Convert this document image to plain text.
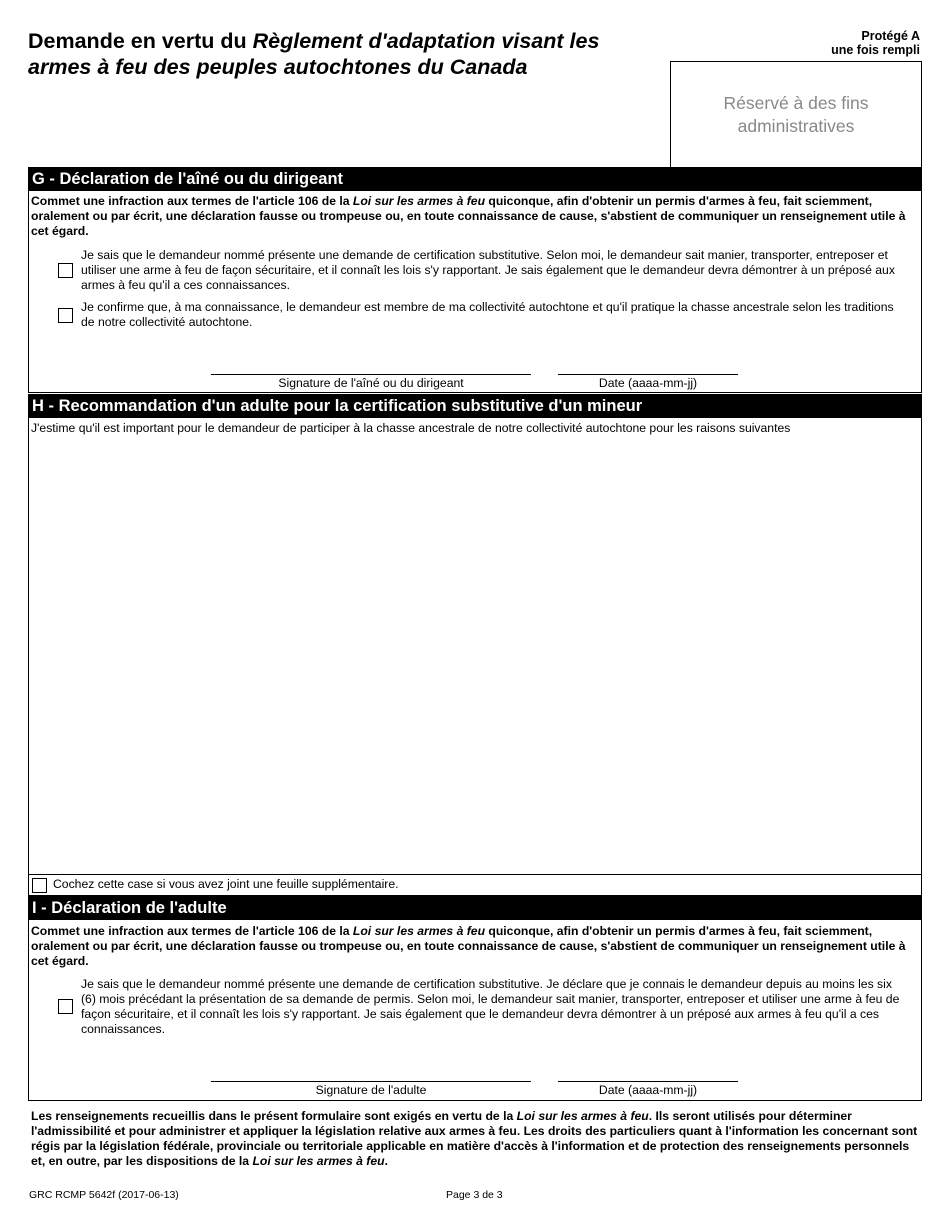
Demande en vertu du Règlement d'adaptation visant les
armes à feu des peuples autochtones du Canada
Protégé A
une fois rempli
Réservé à des fins
administratives
G - Déclaration de l'aîné ou du dirigeant
Commet une infraction aux termes de l'article 106 de la Loi sur les armes à feu quiconque, afin d'obtenir un permis d'armes à feu, fait sciemment, oralement ou par écrit, une déclaration fausse ou trompeuse ou, en toute connaissance de cause, s'abstient de communiquer un renseignement utile à cet égard.
Je sais que le demandeur nommé présente une demande de certification substitutive. Selon moi, le demandeur sait manier, transporter, entreposer et utiliser une arme à feu de façon sécuritaire, et il connaît les lois s'y rapportant. Je sais également que le demandeur devra démontrer à un préposé aux armes à feu qu'il a ces connaissances.
Je confirme que, à ma connaissance, le demandeur est membre de ma collectivité autochtone et qu'il pratique la chasse ancestrale selon les traditions de notre collectivité autochtone.
Signature de l'aîné ou du dirigeant	Date (aaaa-mm-jj)
H - Recommandation d'un adulte pour la certification substitutive d'un mineur
J'estime qu'il est important pour le demandeur de participer à la chasse ancestrale de notre collectivité autochtone pour les raisons suivantes
Cochez cette case si vous avez joint une feuille supplémentaire.
I - Déclaration de l'adulte
Commet une infraction aux termes de l'article 106 de la Loi sur les armes à feu quiconque, afin d'obtenir un permis d'armes à feu, fait sciemment, oralement ou par écrit, une déclaration fausse ou trompeuse ou, en toute connaissance de cause, s'abstient de communiquer un renseignement utile à cet égard.
Je sais que le demandeur nommé présente une demande de certification substitutive. Je déclare que je connais le demandeur depuis au moins les six (6) mois précédant la présentation de sa demande de permis. Selon moi, le demandeur sait manier, transporter, entreposer et utiliser une arme à feu de façon sécuritaire, et il connaît les lois s'y rapportant. Je sais également que le demandeur devra démontrer à un préposé aux armes à feu qu'il a ces connaissances.
Signature de l'adulte	Date (aaaa-mm-jj)
Les renseignements recueillis dans le présent formulaire sont exigés en vertu de la Loi sur les armes à feu. Ils seront utilisés pour déterminer l'admissibilité et pour administrer et appliquer la législation relative aux armes à feu. Les droits des particuliers quant à l'information les concernant sont régis par la législation fédérale, provinciale ou territoriale applicable en matière d'accès à l'information et de protection des renseignements personnels et, en outre, par les dispositions de la Loi sur les armes à feu.
GRC RCMP 5642f (2017-06-13)	Page 3 de 3
